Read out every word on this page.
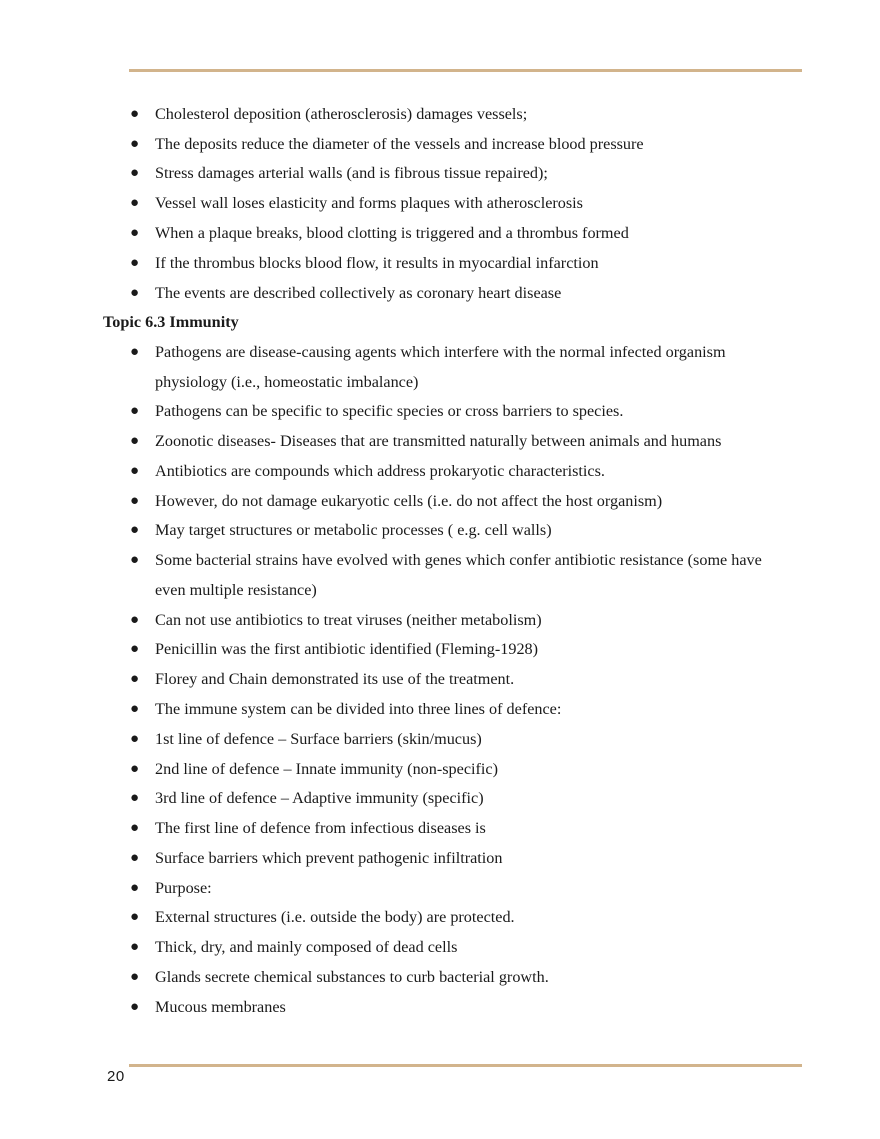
● Cholesterol deposition (atherosclerosis) damages vessels;
● The deposits reduce the diameter of the vessels and increase blood pressure
● Stress damages arterial walls (and is fibrous tissue repaired);
● Vessel wall loses elasticity and forms plaques with atherosclerosis
● When a plaque breaks, blood clotting is triggered and a thrombus formed
● If the thrombus blocks blood flow, it results in myocardial infarction
● The events are described collectively as coronary heart disease
Topic 6.3 Immunity
● Pathogens are disease-causing agents which interfere with the normal infected organism physiology (i.e., homeostatic imbalance)
● Pathogens can be specific to specific species or cross barriers to species.
● Zoonotic diseases- Diseases that are transmitted naturally between animals and humans
● Antibiotics are compounds which address prokaryotic characteristics.
● However, do not damage eukaryotic cells (i.e. do not affect the host organism)
● May target structures or metabolic processes ( e.g. cell walls)
● Some bacterial strains have evolved with genes which confer antibiotic resistance (some have even multiple resistance)
● Can not use antibiotics to treat viruses (neither metabolism)
● Penicillin was the first antibiotic identified (Fleming-1928)
● Florey and Chain demonstrated its use of the treatment.
● The immune system can be divided into three lines of defence:
● 1st line of defence – Surface barriers (skin/mucus)
● 2nd line of defence – Innate immunity (non-specific)
● 3rd line of defence – Adaptive immunity (specific)
● The first line of defence from infectious diseases is
● Surface barriers which prevent pathogenic infiltration
● Purpose:
● External structures (i.e. outside the body) are protected.
● Thick, dry, and mainly composed of dead cells
● Glands secrete chemical substances to curb bacterial growth.
● Mucous membranes
20
